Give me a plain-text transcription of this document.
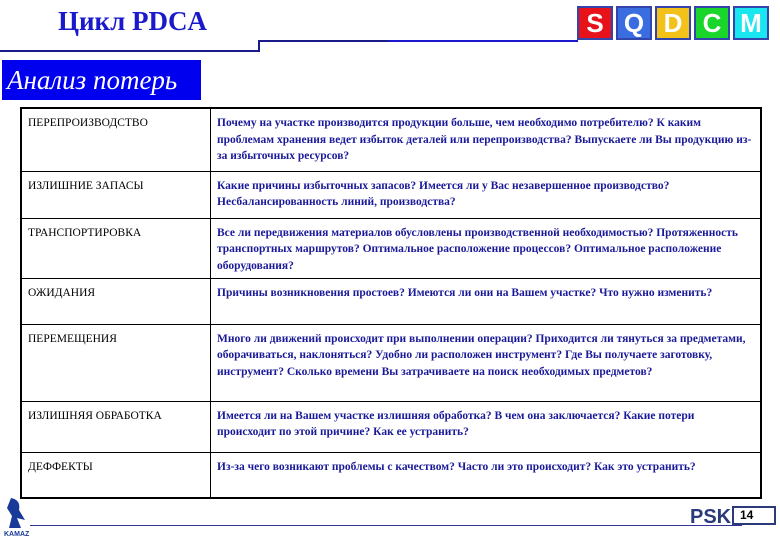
Цикл PDCA	S Q D C M
Анализ потерь
ПЕРЕПРОИЗВОДСТВО	Почему на участке производится продукции больше, чем необходимо потребителю? К каким проблемам хранения ведет избыток деталей или перепроизводства? Выпускаете ли Вы продукцию из-за избыточных ресурсов?
ИЗЛИШНИЕ ЗАПАСЫ	Какие причины избыточных запасов? Имеется ли у Вас незавершенное производство? Несбалансированность линий, производства?
ТРАНСПОРТИРОВКА	Все ли передвижения материалов обусловлены производственной необходимостью? Протяженность транспортных маршрутов? Оптимальное расположение процессов? Оптимальное расположение оборудования?
ОЖИДАНИЯ	Причины возникновения простоев? Имеются ли они на Вашем участке? Что нужно изменить?
ПЕРЕМЕЩЕНИЯ	Много ли движений происходит при выполнении операции? Приходится ли тянуться за предметами, оборачиваться, наклоняться? Удобно ли расположен инструмент? Где Вы получаете заготовку, инструмент? Сколько времени Вы затрачиваете на поиск необходимых предметов?
ИЗЛИШНЯЯ ОБРАБОТКА	Имеется ли на Вашем участке излишняя обработка? В чем она заключается? Какие потери происходит по этой причине? Как ее устранить?
ДЕФФЕКТЫ	Из-за чего возникают проблемы с качеством? Часто ли это происходит? Как это устранить?
KAMAZ
PSK 14
